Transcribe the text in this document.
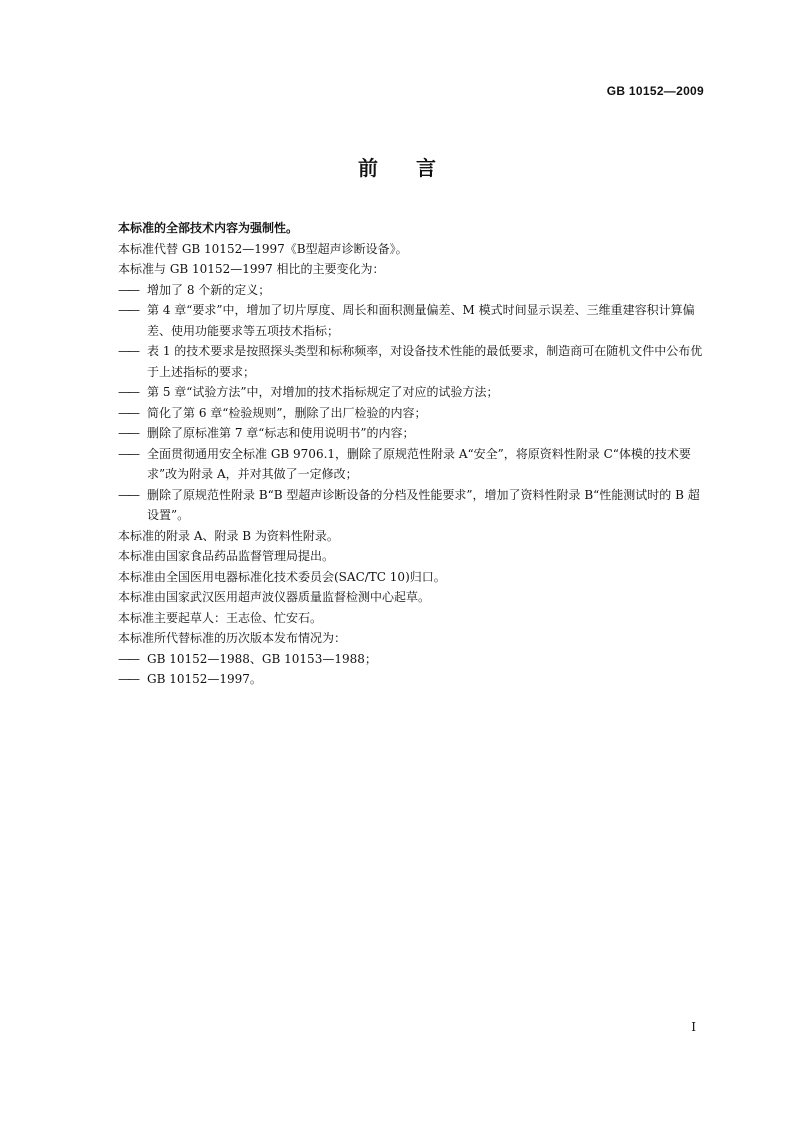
GB 10152—2009
前言

本标准的全部技术内容为强制性。

本标准代替 GB 10152—1997《B型超声诊断设备》。

本标准与 GB 10152—1997 相比的主要变化为：

—— 增加了 8 个新的定义；
—— 第 4 章“要求”中，增加了切片厚度、周长和面积测量偏差、M 模式时间显示误差、三维重建容积计算偏差、使用功能要求等五项技术指标；
—— 表 1 的技术要求是按照探头类型和标称频率，对设备技术性能的最低要求，制造商可在随机文件中公布优于上述指标的要求；
—— 第 5 章“试验方法”中，对增加的技术指标规定了对应的试验方法；
—— 简化了第 6 章“检验规则”，删除了出厂检验的内容；
—— 删除了原标准第 7 章“标志和使用说明书”的内容；
—— 全面贯彻通用安全标准 GB 9706.1，删除了原规范性附录 A“安全”，将原资料性附录 C“体模的技术要求”改为附录 A，并对其做了一定修改；
—— 删除了原规范性附录 B“B 型超声诊断设备的分档及性能要求”，增加了资料性附录 B“性能测试时的 B 超设置”。

本标准的附录 A、附录 B 为资料性附录。

本标准由国家食品药品监督管理局提出。

本标准由全国医用电器标准化技术委员会(SAC/TC 10)归口。

本标准由国家武汉医用超声波仪器质量监督检测中心起草。

本标准主要起草人：王志俭、忙安石。

本标准所代替标准的历次版本发布情况为：

—— GB 10152—1988、GB 10153—1988；
—— GB 10152—1997。
I
